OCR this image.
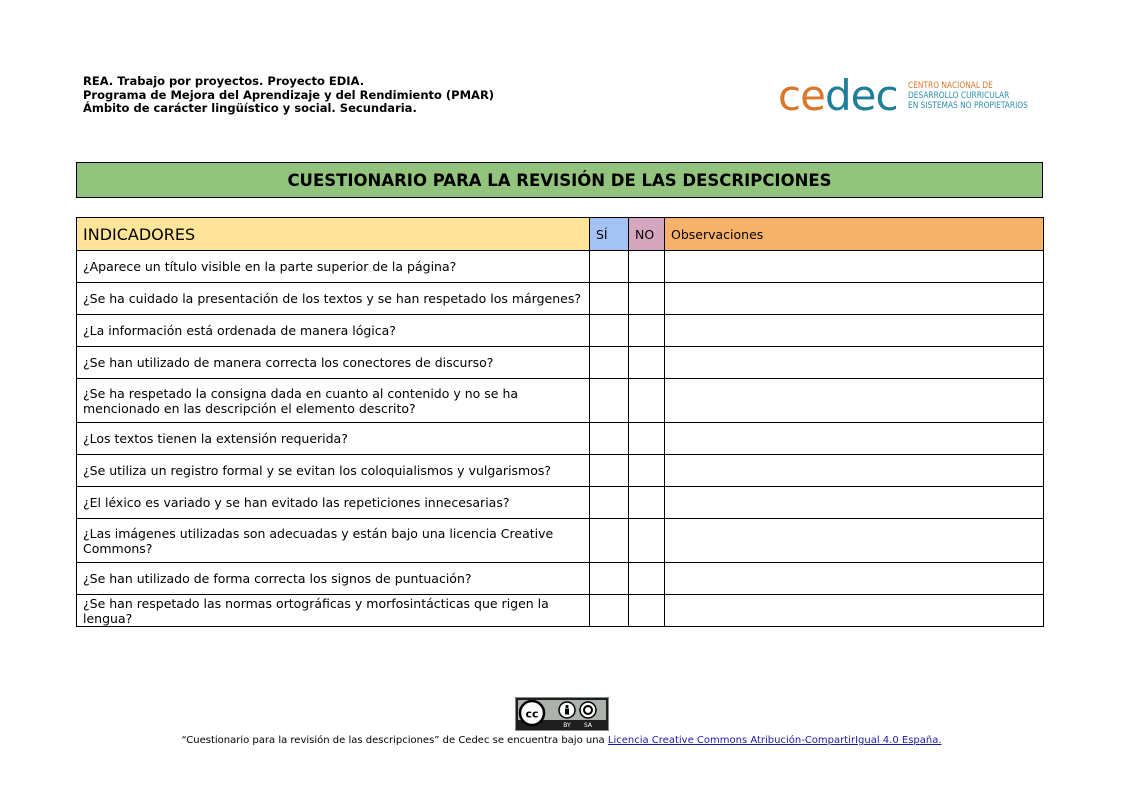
REA. Trabajo por proyectos. Proyecto EDIA.
Programa de Mejora del Aprendizaje y del Rendimiento (PMAR)
Ámbito de carácter lingüístico y social. Secundaria.	cedec CENTRO NACIONAL DE
DESARROLLO CURRICULAR
EN SISTEMAS NO PROPIETARIOS
CUESTIONARIO PARA LA REVISIÓN DE LAS DESCRIPCIONES
INDICADORES	SÍ	NO	Observaciones
¿Aparece un título visible en la parte superior de la página?			
¿Se ha cuidado la presentación de los textos y se han respetado los márgenes?			
¿La información está ordenada de manera lógica?			
¿Se han utilizado de manera correcta los conectores de discurso?			
¿Se ha respetado la consigna dada en cuanto al contenido y no se ha mencionado en las descripción el elemento descrito?			
¿Los textos tienen la extensión requerida?			
¿Se utiliza un registro formal y se evitan los coloquialismos y vulgarismos?			
¿El léxico es variado y se han evitado las repeticiones innecesarias?			
¿Las imágenes utilizadas son adecuadas y están bajo una licencia Creative Commons?			
¿Se han utilizado de forma correcta los signos de puntuación?			
¿Se han respetado las normas ortográficas y morfosintácticas que rigen la lengua?			
cc
BY SA
“Cuestionario para la revisión de las descripciones” de Cedec se encuentra bajo una Licencia Creative Commons Atribución-CompartirIgual 4.0 España.
